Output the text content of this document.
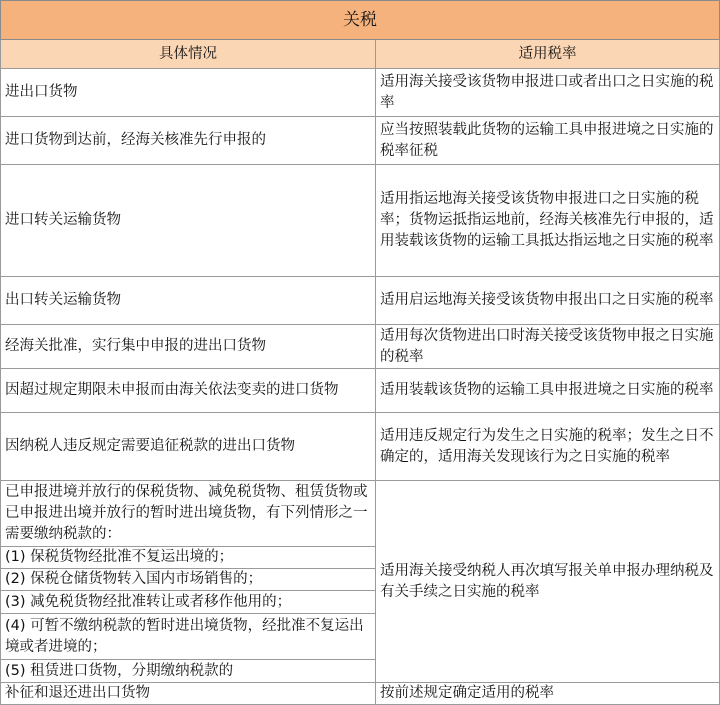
关税	
具体情况	适用税率
进出口货物	适用海关接受该货物申报进口或者出口之日实施的税率
进口货物到达前，经海关核准先行申报的	应当按照装载此货物的运输工具申报进境之日实施的税率征税
进口转关运输货物	适用指运地海关接受该货物申报进口之日实施的税率；货物运抵指运地前，经海关核准先行申报的，适用装载该货物的运输工具抵达指运地之日实施的税率
出口转关运输货物	适用启运地海关接受该货物申报出口之日实施的税率
经海关批准，实行集中申报的进出口货物	适用每次货物进出口时海关接受该货物申报之日实施的税率
因超过规定期限未申报而由海关依法变卖的进口货物	适用装载该货物的运输工具申报进境之日实施的税率
因纳税人违反规定需要追征税款的进出口货物	适用违反规定行为发生之日实施的税率；发生之日不确定的，适用海关发现该行为之日实施的税率
已申报进境并放行的保税货物、减免税货物、租赁货物或已申报进出境并放行的暂时进出境货物，有下列情形之一需要缴纳税款的：	适用海关接受纳税人再次填写报关单申报办理纳税及有关手续之日实施的税率
(1) 保税货物经批准不复运出境的；	
(2) 保税仓储货物转入国内市场销售的；	
(3) 减免税货物经批准转让或者移作他用的；	
(4) 可暂不缴纳税款的暂时进出境货物，经批准不复运出境或者进境的；	
(5) 租赁进口货物，分期缴纳税款的	
补征和退还进出口货物	按前述规定确定适用的税率
